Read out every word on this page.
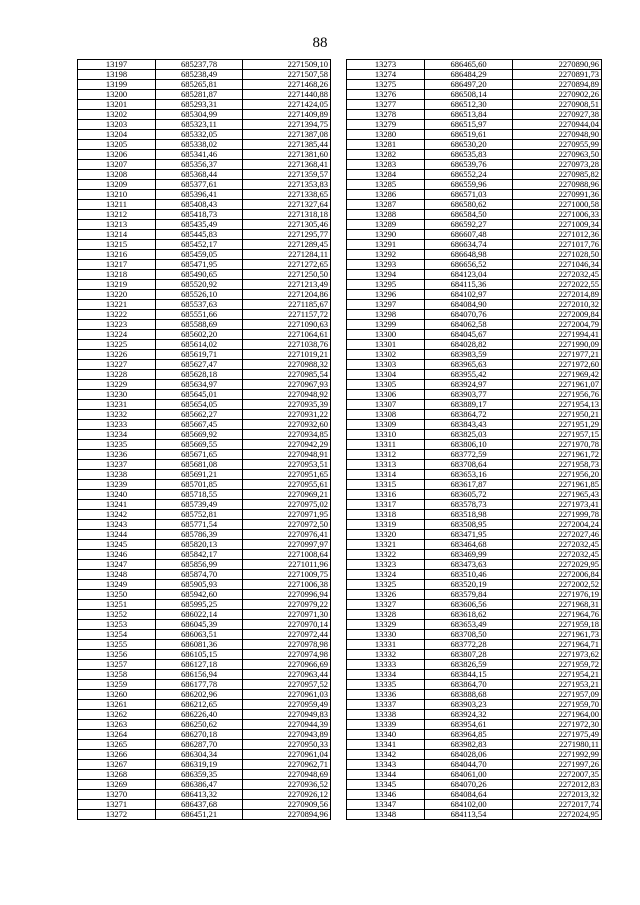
88
13197	685237,78	2271509,10
13198	685238,49	2271507,58
13199	685265,81	2271468,26
13200	685281,87	2271440,88
13201	685293,31	2271424,05
13202	685304,99	2271409,89
13203	685323,11	2271394,75
13204	685332,05	2271387,08
13205	685338,02	2271385,44
13206	685341,46	2271381,60
13207	685356,37	2271368,41
13208	685368,44	2271359,57
13209	685377,61	2271353,83
13210	685396,41	2271338,65
13211	685408,43	2271327,64
13212	685418,73	2271318,18
13213	685435,49	2271305,46
13214	685445,83	2271295,77
13215	685452,17	2271289,45
13216	685459,05	2271284,11
13217	685471,95	2271272,65
13218	685490,65	2271250,50
13219	685520,92	2271213,49
13220	685526,10	2271204,86
13221	685537,63	2271185,67
13222	685551,66	2271157,72
13223	685588,69	2271090,63
13224	685602,20	2271064,61
13225	685614,02	2271038,76
13226	685619,71	2271019,21
13227	685627,47	2270988,32
13228	685628,18	2270985,54
13229	685634,97	2270967,93
13230	685645,01	2270948,92
13231	685654,05	2270935,39
13232	685662,27	2270931,22
13233	685667,45	2270932,60
13234	685669,92	2270934,85
13235	685669,55	2270942,29
13236	685671,65	2270948,91
13237	685681,08	2270953,51
13238	685691,21	2270951,65
13239	685701,85	2270955,61
13240	685718,55	2270969,21
13241	685739,49	2270975,02
13242	685752,81	2270971,95
13243	685771,54	2270972,50
13244	685786,39	2270976,41
13245	685820,13	2270997,97
13246	685842,17	2271008,64
13247	685856,99	2271011,96
13248	685874,70	2271009,75
13249	685905,93	2271006,38
13250	685942,60	2270996,94
13251	685995,25	2270979,22
13252	686022,14	2270971,30
13253	686045,39	2270970,14
13254	686063,51	2270972,44
13255	686081,36	2270978,98
13256	686105,15	2270974,98
13257	686127,18	2270966,69
13258	686156,94	2270963,44
13259	686177,78	2270957,52
13260	686202,96	2270961,03
13261	686212,65	2270959,49
13262	686226,40	2270949,83
13263	686250,62	2270944,39
13264	686270,18	2270943,89
13265	686287,70	2270950,33
13266	686304,34	2270961,04
13267	686319,19	2270962,71
13268	686359,35	2270948,69
13269	686386,47	2270936,52
13270	686413,32	2270926,12
13271	686437,68	2270909,56
13272	686451,21	2270894,96
13273	686465,60	2270890,96
13274	686484,29	2270891,73
13275	686497,20	2270894,89
13276	686508,14	2270902,26
13277	686512,30	2270908,51
13278	686513,84	2270927,38
13279	686515,97	2270944,04
13280	686519,61	2270948,90
13281	686530,20	2270955,99
13282	686535,83	2270963,50
13283	686539,76	2270973,28
13284	686552,24	2270985,82
13285	686559,96	2270988,96
13286	686571,03	2270991,36
13287	686580,62	2271000,58
13288	686584,50	2271006,33
13289	686592,27	2271009,34
13290	686607,48	2271012,36
13291	686634,74	2271017,76
13292	686648,98	2271028,50
13293	686656,52	2271046,34
13294	684123,04	2272032,45
13295	684115,36	2272022,55
13296	684102,97	2272014,89
13297	684084,90	2272010,32
13298	684070,76	2272009,84
13299	684062,58	2272004,79
13300	684045,67	2271994,41
13301	684028,82	2271990,09
13302	683983,59	2271977,21
13303	683965,63	2271972,60
13304	683955,42	2271969,42
13305	683924,97	2271961,07
13306	683903,77	2271956,76
13307	683889,17	2271954,13
13308	683864,72	2271950,21
13309	683843,43	2271951,29
13310	683825,03	2271957,15
13311	683806,10	2271970,78
13312	683772,59	2271961,72
13313	683708,64	2271958,73
13314	683653,16	2271956,20
13315	683617,87	2271961,85
13316	683605,72	2271965,43
13317	683578,73	2271973,41
13318	683518,98	2271999,78
13319	683508,95	2272004,24
13320	683471,95	2272027,46
13321	683464,68	2272032,45
13322	683469,99	2272032,45
13323	683473,63	2272029,95
13324	683510,46	2272006,84
13325	683520,19	2272002,52
13326	683579,84	2271976,19
13327	683606,56	2271968,31
13328	683618,62	2271964,76
13329	683653,49	2271959,18
13330	683708,50	2271961,73
13331	683772,28	2271964,71
13332	683807,28	2271973,62
13333	683826,59	2271959,72
13334	683844,15	2271954,21
13335	683864,70	2271953,21
13336	683888,68	2271957,09
13337	683903,23	2271959,70
13338	683924,32	2271964,00
13339	683954,61	2271972,30
13340	683964,85	2271975,49
13341	683982,83	2271980,11
13342	684028,06	2271992,99
13343	684044,70	2271997,26
13344	684061,00	2272007,35
13345	684070,26	2272012,83
13346	684084,64	2272013,32
13347	684102,00	2272017,74
13348	684113,54	2272024,95
